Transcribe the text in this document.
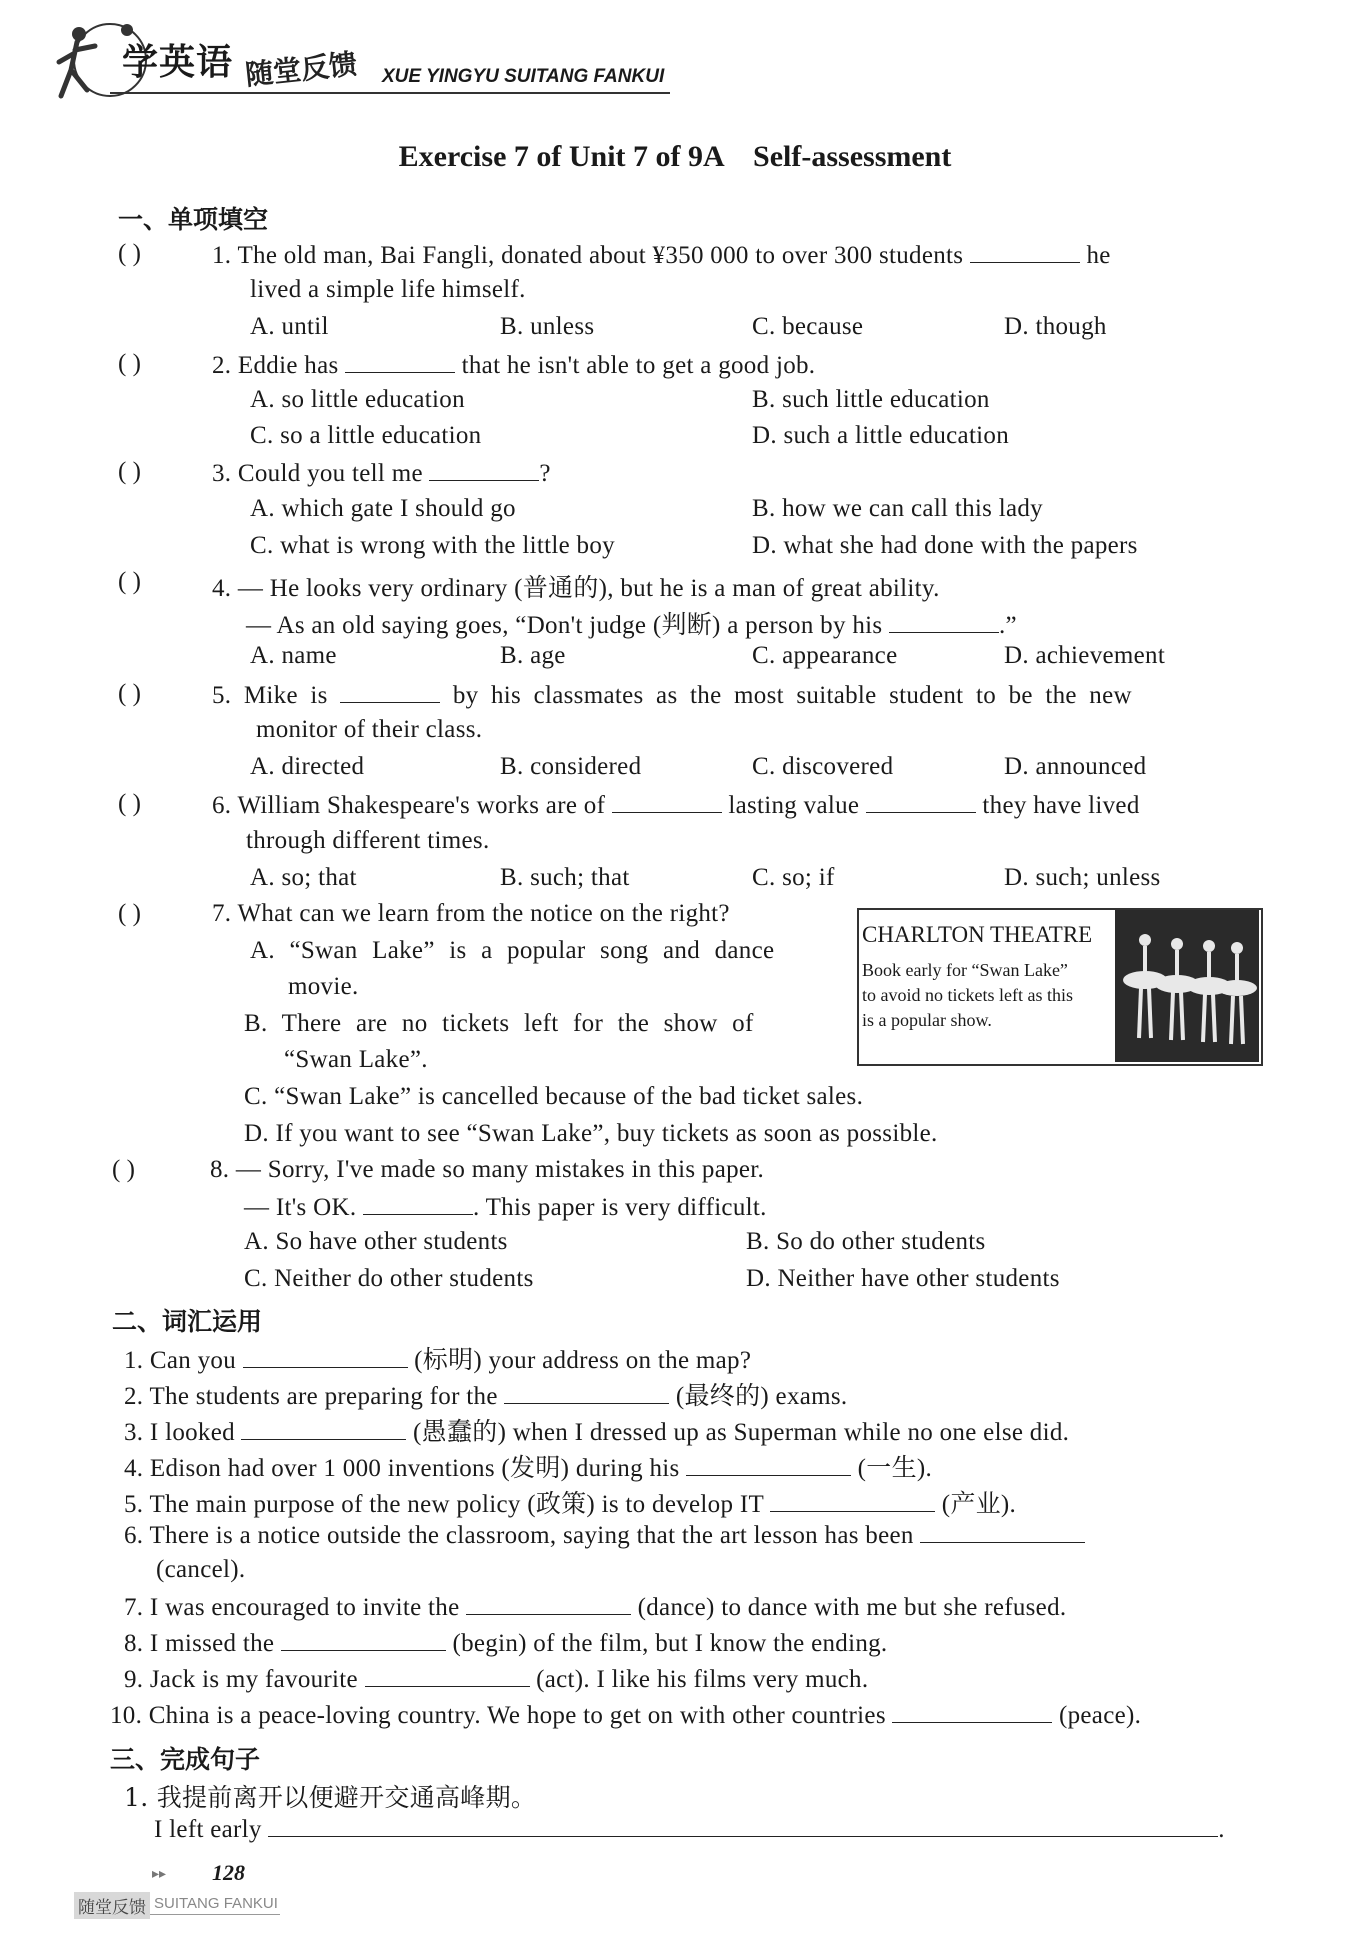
学英语 随堂反馈 XUE YINGYU SUITANG FANKUI
Exercise 7 of Unit 7 of 9A    Self-assessment
一、单项填空
( )	1. The old man, Bai Fangli, donated about ¥350 000 to over 300 students	he
lived a simple life himself.
A. until	B. unless	C. because	D. though
( )	2. Eddie has	that he isn't able to get a good job.
A. so little education	B. such little education
C. so a little education	D. such a little education
( )	3. Could you tell me	?
A. which gate I should go	B. how we can call this lady
C. what is wrong with the little boy	D. what she had done with the papers
( )	4. — He looks very ordinary (普通的), but he is a man of great ability.
— As an old saying goes, “Don't judge (判断) a person by his	.”
A. name	B. age	C. appearance	D. achievement
( )	5. Mike is	by his classmates as the most suitable student to be the new
monitor of their class.
A. directed	B. considered	C. discovered	D. announced
( )	6. William Shakespeare's works are of	lasting value	they have lived
through different times.
A. so; that	B. such; that	C. so; if	D. such; unless
( )	7. What can we learn from the notice on the right?
A. “Swan Lake” is a popular song and dance
movie.
B. There are no tickets left for the show of
“Swan Lake”.
C. “Swan Lake” is cancelled because of the bad ticket sales.
D. If you want to see “Swan Lake”, buy tickets as soon as possible.
CHARLTON THEATRE
Book early for “Swan Lake”
to avoid no tickets left as this
is a popular show.
( )	8. — Sorry, I've made so many mistakes in this paper.
— It's OK.	. This paper is very difficult.
A. So have other students	B. So do other students
C. Neither do other students	D. Neither have other students
二、词汇运用
1. Can you	(标明) your address on the map?
2. The students are preparing for the	(最终的) exams.
3. I looked	(愚蠢的) when I dressed up as Superman while no one else did.
4. Edison had over 1 000 inventions (发明) during his	(一生).
5. The main purpose of the new policy (政策) is to develop IT	(产业).
6. There is a notice outside the classroom, saying that the art lesson has been
(cancel).
7. I was encouraged to invite the	(dance) to dance with me but she refused.
8. I missed the	(begin) of the film, but I know the ending.
9. Jack is my favourite	(act). I like his films very much.
10. China is a peace-loving country. We hope to get on with other countries	(peace).
三、完成句子
1. 我提前离开以便避开交通高峰期。
I left early	.
▸▸ 128
随堂反馈 SUITANG FANKUI
